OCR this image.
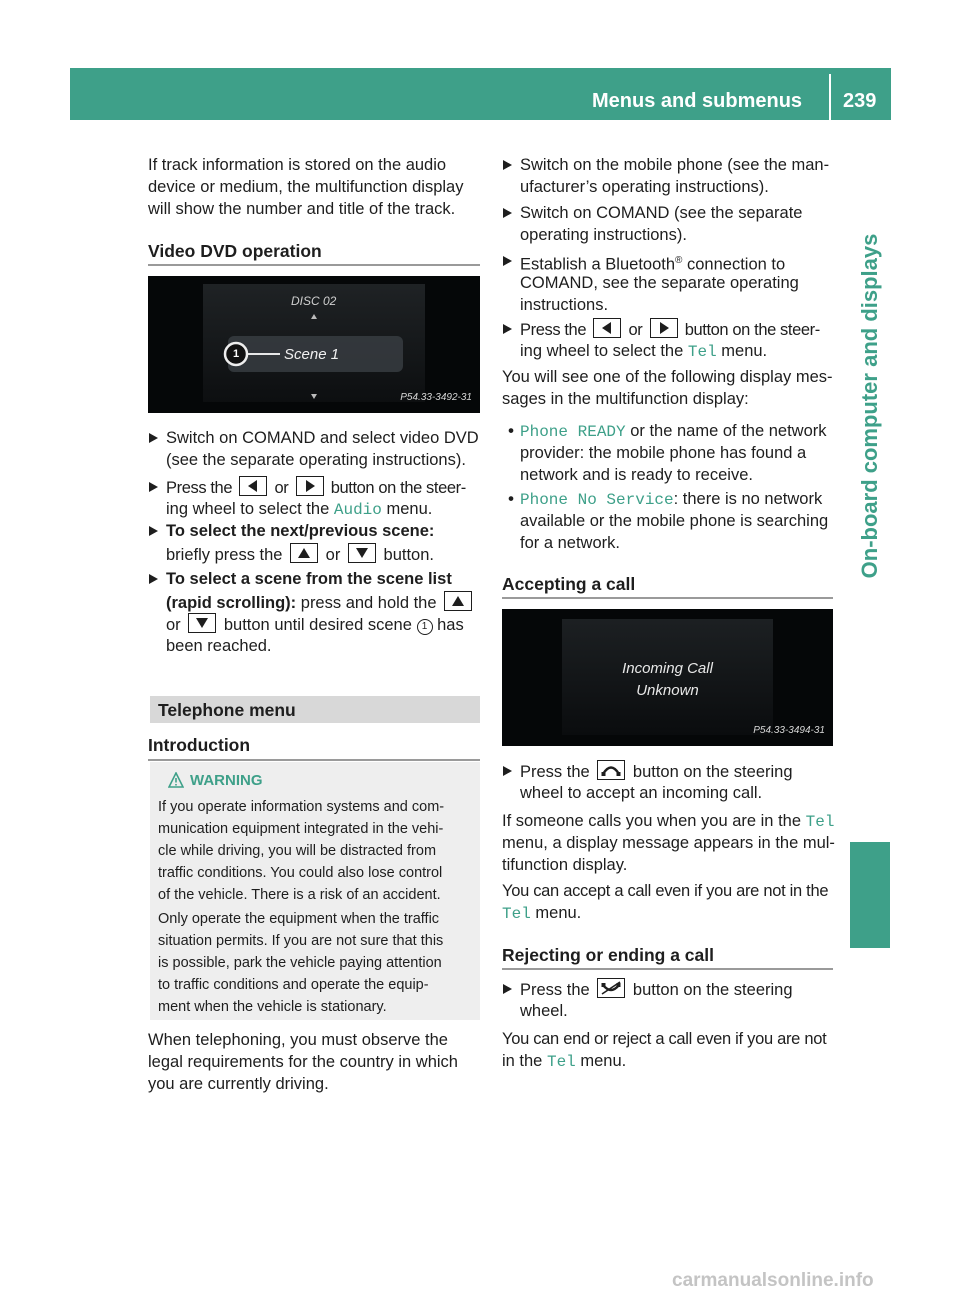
Menus and submenus 239
On-board computer and displays

If track information is stored on the audio

device or medium, the multifunction display

will show the number and title of the track.

Video DVD operation
DISC 02
1	Scene 1
P54.33-3492-31

Switch on COMAND and select video DVD

(see the separate operating instructions).

Press the	or	button on the steer-

ing wheel to select the Audio menu.

To select the next/previous scene:

briefly press the	or	button.

To select a scene from the scene list

(rapid scrolling): press and hold the

or	button until desired scene 1 has

been reached.

Telephone menu
Introduction
WARNING

If you operate information systems and com-

munication equipment integrated in the vehi-

cle while driving, you will be distracted from

traffic conditions. You could also lose control

of the vehicle. There is a risk of an accident.

Only operate the equipment when the traffic

situation permits. If you are not sure that this

is possible, park the vehicle paying attention

to traffic conditions and operate the equip-

ment when the vehicle is stationary.

When telephoning, you must observe the

legal requirements for the country in which

you are currently driving.

Switch on the mobile phone (see the man-

ufacturer’s operating instructions).

Switch on COMAND (see the separate

operating instructions).

Establish a Bluetooth® connection to

COMAND, see the separate operating

instructions.

Press the	or	button on the steer-

ing wheel to select the Tel menu.

You will see one of the following display mes-

sages in the multifunction display:

• Phone READY or the name of the network

provider: the mobile phone has found a

network and is ready to receive.

• Phone No Service: there is no network

available or the mobile phone is searching

for a network.

Accepting a call
Incoming Call
Unknown
P54.33-3494-31

Press the	button on the steering

wheel to accept an incoming call.

If someone calls you when you are in the Tel

menu, a display message appears in the mul-

tifunction display.

You can accept a call even if you are not in the

Tel menu.

Rejecting or ending a call

Press the	button on the steering

wheel.

You can end or reject a call even if you are not

in the Tel menu.

carmanualsonline.info
